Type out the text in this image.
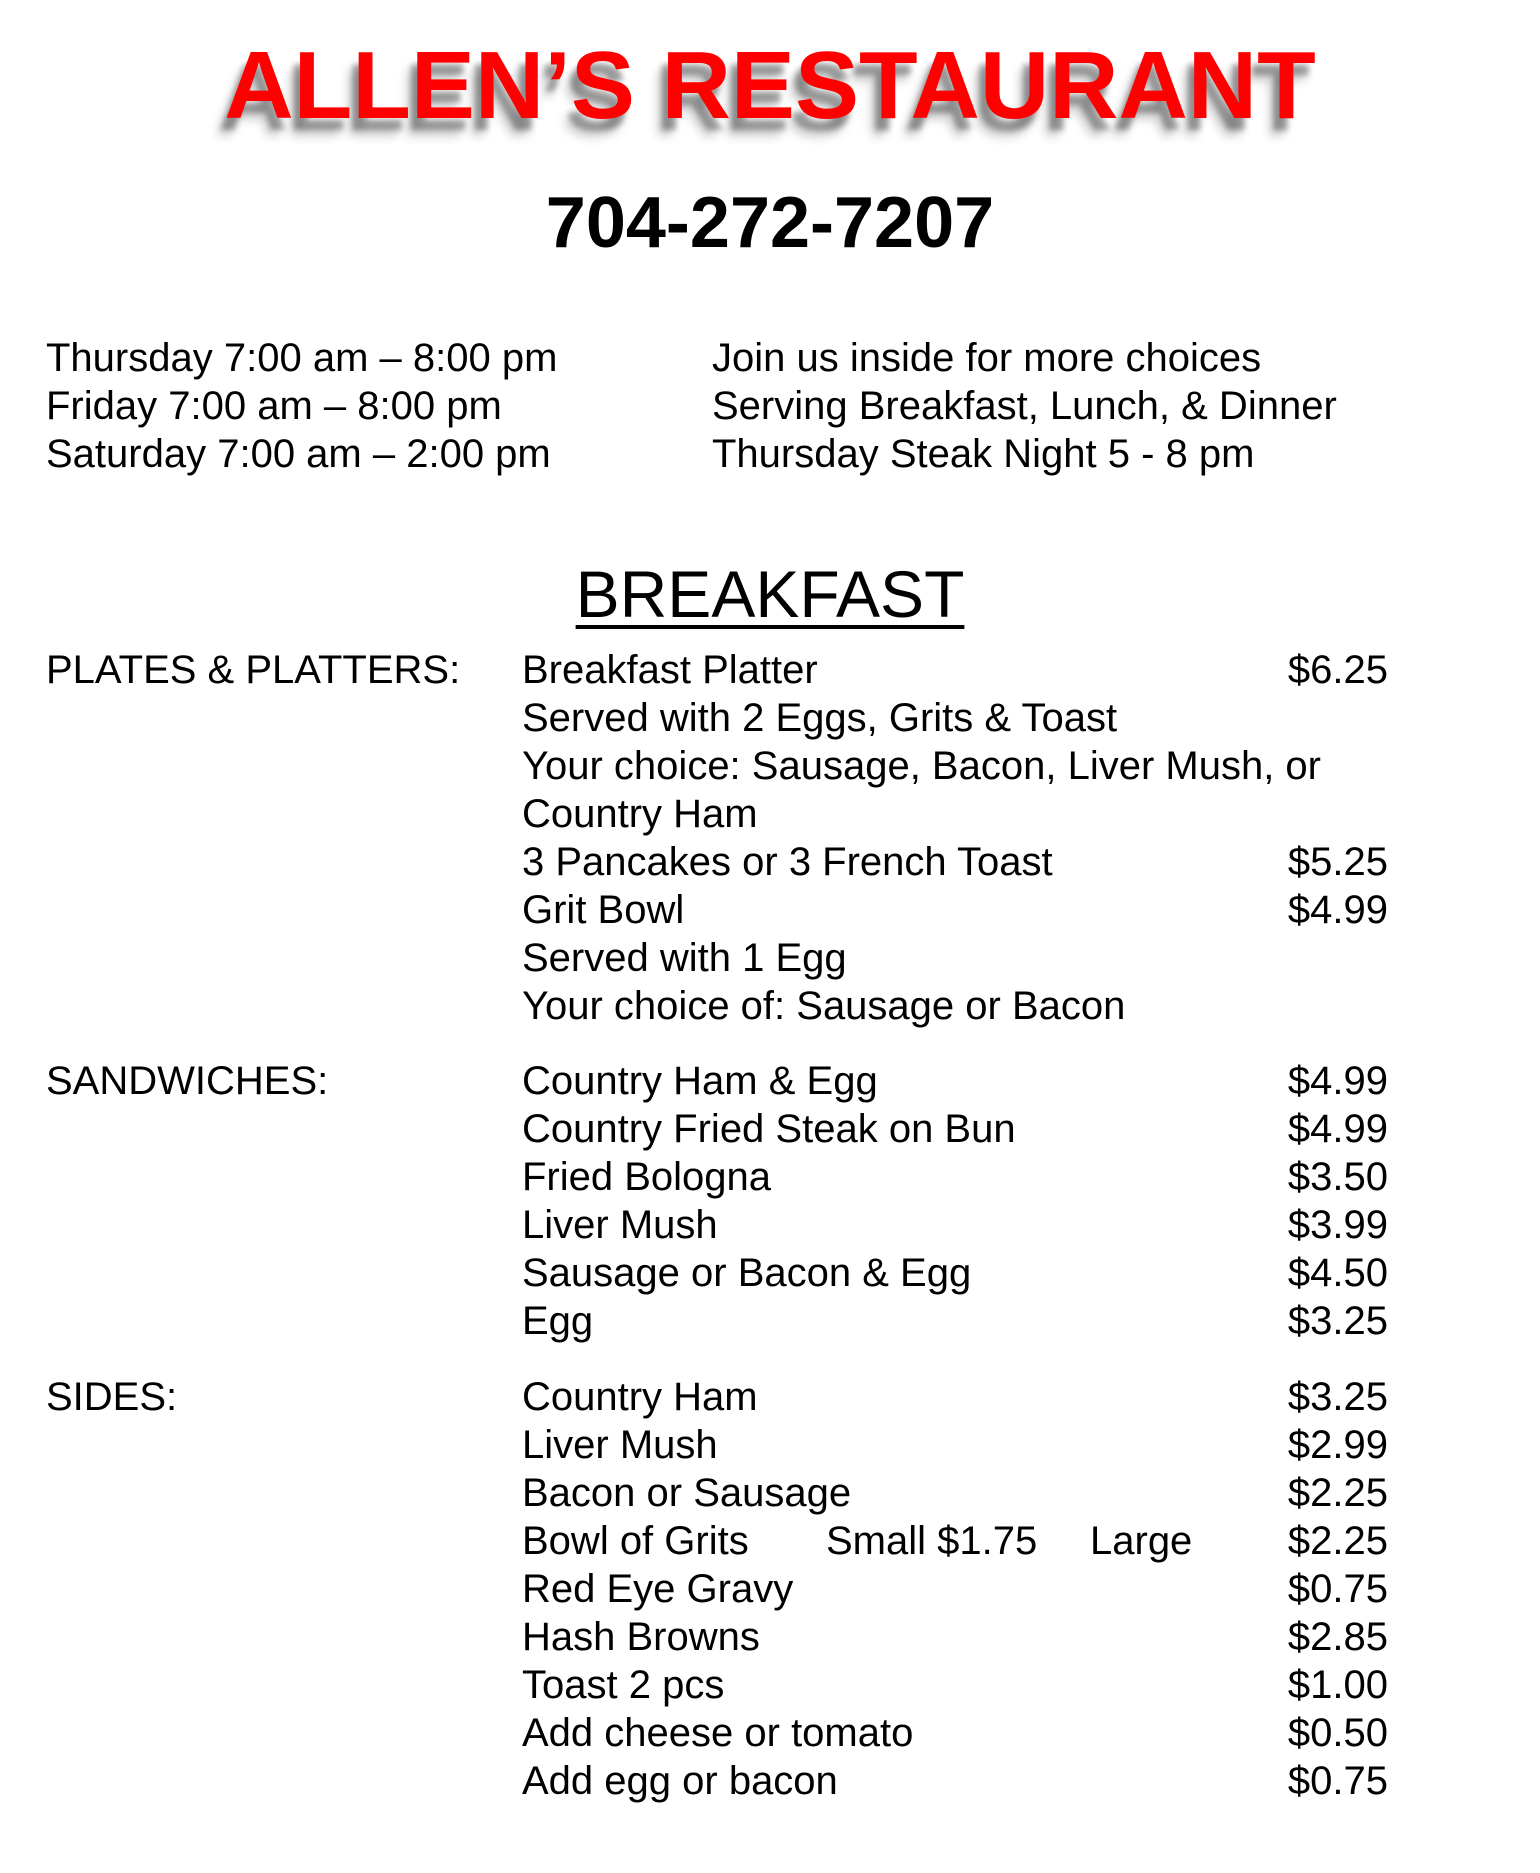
ALLEN’S RESTAURANT
704-272-7207
Thursday 7:00 am – 8:00 pm
Friday 7:00 am – 8:00 pm
Saturday 7:00 am – 2:00 pm
Join us inside for more choices
Serving Breakfast, Lunch, & Dinner
Thursday Steak Night 5 - 8 pm
BREAKFAST
PLATES & PLATTERS: Breakfast Platter	$6.25
Served with 2 Eggs, Grits & Toast
Your choice: Sausage, Bacon, Liver Mush, or
Country Ham
3 Pancakes or 3 French Toast	$5.25
Grit Bowl	$4.99
Served with 1 Egg
Your choice of: Sausage or Bacon
SANDWICHES:	Country Ham & Egg	$4.99
Country Fried Steak on Bun	$4.99
Fried Bologna	$3.50
Liver Mush	$3.99
Sausage or Bacon & Egg	$4.50
Egg	$3.25
SIDES:	Country Ham	$3.25
Liver Mush	$2.99
Bacon or Sausage	$2.25
Bowl of Grits Small $1.75 Large $2.25
Red Eye Gravy	$0.75
Hash Browns	$2.85
Toast 2 pcs	$1.00
Add cheese or tomato	$0.50
Add egg or bacon	$0.75
